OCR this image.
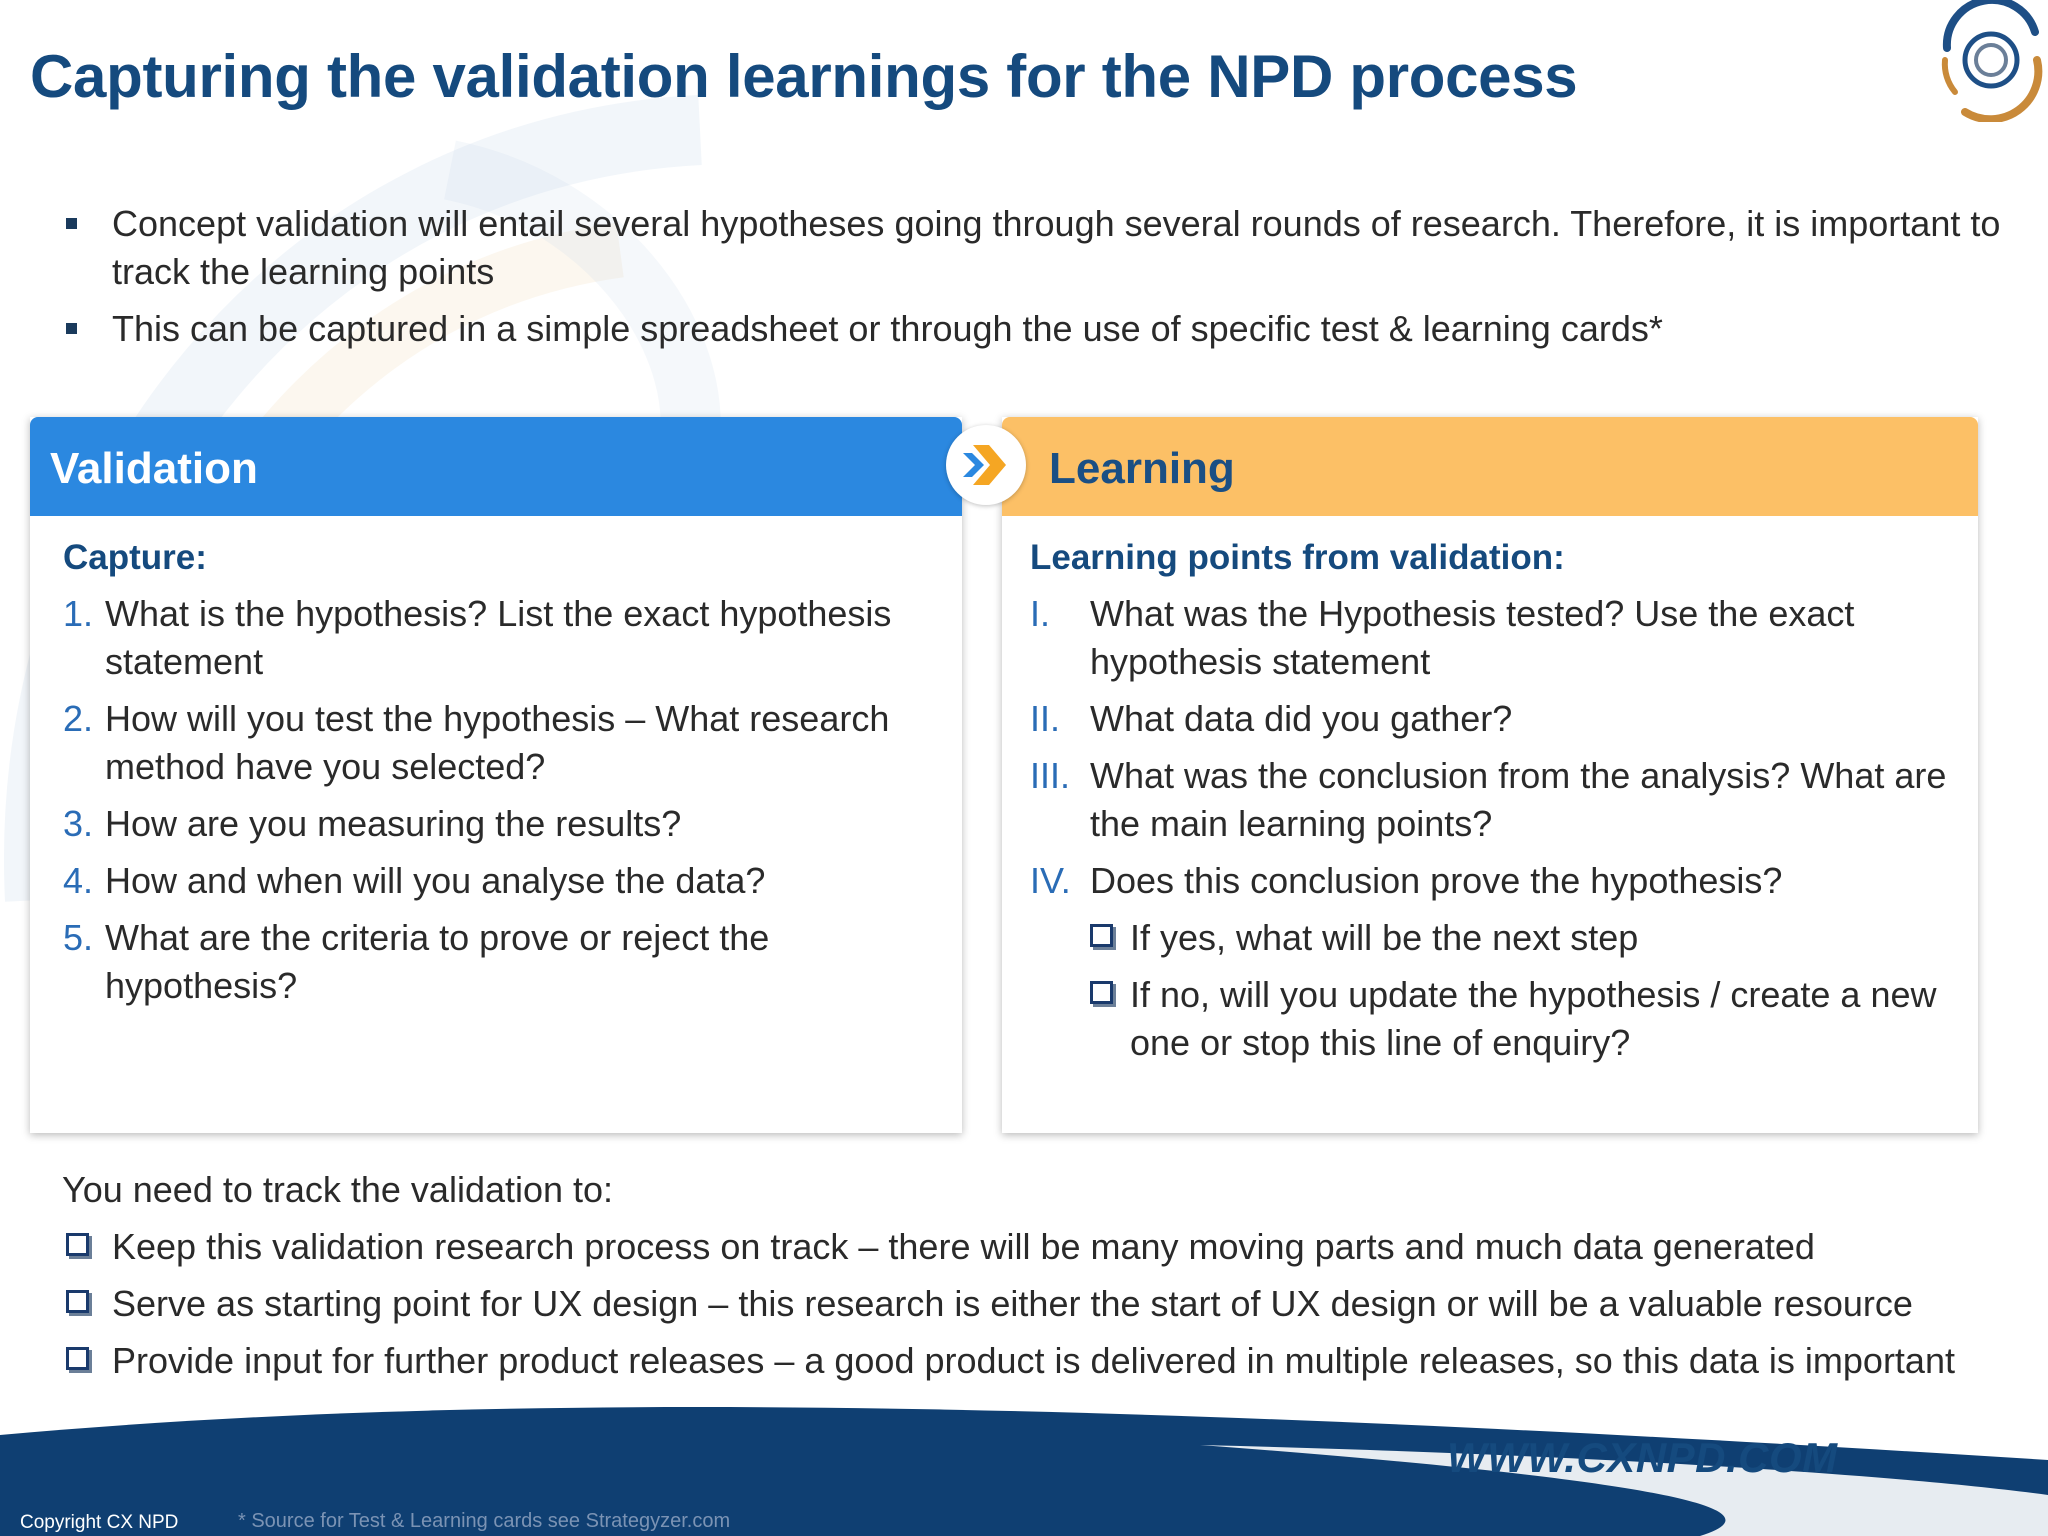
Capturing the validation learnings for the NPD process
Concept validation will entail several hypotheses going through several rounds of research. Therefore, it is important to track the learning points
This can be captured in a simple spreadsheet or through the use of specific test & learning cards*
Validation
Capture:
1. What is the hypothesis? List the exact hypothesis statement
2. How will you test the hypothesis – What research method have you selected?
3. How are you measuring the results?
4. How and when will you analyse the data?
5. What are the criteria to prove or reject the hypothesis?
Learning
Learning points from validation:
I. What was the Hypothesis tested? Use the exact hypothesis statement
II. What data did you gather?
III. What was the conclusion from the analysis? What are the main learning points?
IV. Does this conclusion prove the hypothesis?
If yes, what will be the next step
If no, will you update the hypothesis / create a new one or stop this line of enquiry?
You need to track the validation to:
Keep this validation research process on track – there will be many moving parts and much data generated
Serve as starting point for UX design – this research is either the start of UX design or will be a valuable resource
Provide input for further product releases – a good product is delivered in multiple releases, so this data is important
WWW.CXNPD.COM
Copyright CX NPD	* Source for Test & Learning cards see Strategyzer.com
